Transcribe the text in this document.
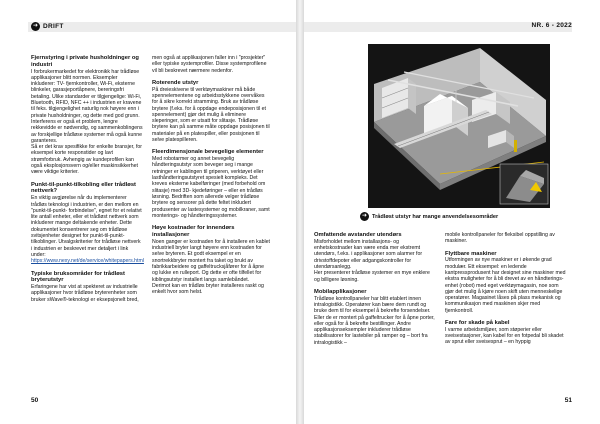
➜ DRIFT
Fjernstyring i private husholdninger og industri

I forbrukermarkedet for elektronikk har trådløse applikasjoner blitt normen. Eksempler inkluderer: TV- fjernkontroller, Wi-Fi, eksterne blinkeler, garasjeportåpnere, bereringsfri betaling. Ulike standarder er tilgjengelige: Wi-Fi, Bluetooth, RFID, NFC ++ i industrien er kravene til feks. tilgjengelighet naturlig nok høyere enn i private husholdninger, og dette med god grunn. Interferens er også et problem, lengre rekkevidde er nødvendig, og sammenkoblingens av forskjellige trådløse systemer må også kunne garanteres.

Så er det krav spesifikke for enkelte bransjer, for eksempel korte responstider og lavt strømforbruk. Avhengig av kundeprofilen kan også eksplosjonsvern og/eller maskinsikkerhet være viktige kriterier.

Punkt-til-punkt-tilkobling eller trådløst nettverk?

En viktig avgjørelse når du implementerer trådløs teknologi i industrien, er den mellom en "punkt-til-punkt- forbindelse", egnet for et relativt lite antall enheter, eller et trådløst nettverk som inkluderer mange deltakende enheter. Dette dokumentet konsentrerer seg om trådløse svitsjenheter designet for punkt-til-punkt-tilkoblinger. Utvalgskriterier for trådløse nettverk i industrien er beskrevet mer detaljert i link under:

https://www.nexy.net/de/service/whitepapers.html

Typiske bruksområder for trådløst bryterutstyr

Erfaringene har vist at spekteret av industrielle applikasjoner hvor trådløse bryterenheter som bruker sWave®-teknologi er eksepsjonelt bred,

men også at applikasjonen faller inn i "prosjekter" eller typiske systemprofiler. Disse systemprofilene vil bli beskrevet nærmere nedenfor.

Roterende utstyr

På dreieskivene til verktøymaskiner må både spennelementene og arbeidsstykkene overvåkes for å sikre korrekt stramming. Bruk av trådløse brytere (f.eks. for å oppdage endeposisjonen til et spennelement) gjør det mulig å eliminere sleperinger, som er utsatt for slitasje. Trådløse brytere kan på samme måte oppdage posisjonen til materialer på en platespiller, eller posisjonen til selve platespilleren.

Fleerdimensjonale bevegelige elementer

Med robotarmer og annet bevegelig håndteringsutstyr som beveger seg i mange retninger er kablingen til griperen, verktøyet eller lasthåndteringsutstyret spesielt kompleks. Det kreves eksterne kabelføringer (med forbehold om slitasje) med 3D- kjedeføringer – eller en trådløs løsning. Bedriften som allerede velger trådløse brytere og sensorer på dette feltet inkludert produsenter av lastesystemer og mobilkraner, samt monterings- og håndteringssystemer.

Høye kostnader for innendørs installasjoner

Noen ganger er kostnaden for å installere en kablet industriell bryter langt høyere enn kostnaden for selve bryteren. Et godt eksempel er en snortrekkbryter montert fra taket og brukt av fabrikkarbeidere og gaffeltrucksjåfører for å åpne og lukke en rulleport. Og dette er ofte tilfellet for kiblingsutstyr installert langs samlebåndet.

Derimot kan en trådløs bryter installeres raskt og enkelt hvor som helst.

50
NR. 6 - 2022
➜ Trådløst utstyr har mange anvendelsesområder
Omfattende avstander utendørs

Misforholdet mellom installasjons- og enhetskostnader kan være enda mer ekstremt utendørs, f.eks. i applikasjoner som alarmer for drivstoffdepoter eller adgangskontroller for utendørsanlegg.

Her presenterer trådløse systemer en mye enklere og billigere løsning.

Mobilapplikasjoner

Trådløse kontrollpaneler har blitt etablert innen intralogistikk. Operatører kan bære dem rundt og bruke dem til for eksempel å bekrefte forsendelser. Eller de er montert på gaffeltrucker for å åpne porter, eller også for å bekrefte bestillinger. Andre applikasjonseksempler inkluderer trådløse stabilisatorer for lastebiler på ramper og – bort fra intralogistikk –

mobile kontrollpaneler for fleksibel oppstilling av maskiner.

Flyttbare maskiner

Utformingen av nye maskiner er i økende grad modulær. Ett eksempel: en ledende kantpressprodusent har designet sine maskiner med ekstra muligheter for å bli drevet av en håndterings-enhet (robot) med eget verktøymagasin, noe som gjør det mulig å kjøre noen skift uten menneskelige operatører. Magasinet låses på plass mekanisk og kommunikasjon med maskinen skjer med fjernkontroll.

Fare for skade på kabel

I varme arbeidsmiljøer, som støperier eller sveisestasjoner, kan kabel for en fotpedal bli skadet av sprut eller sveisesprut – en hyppig

51
